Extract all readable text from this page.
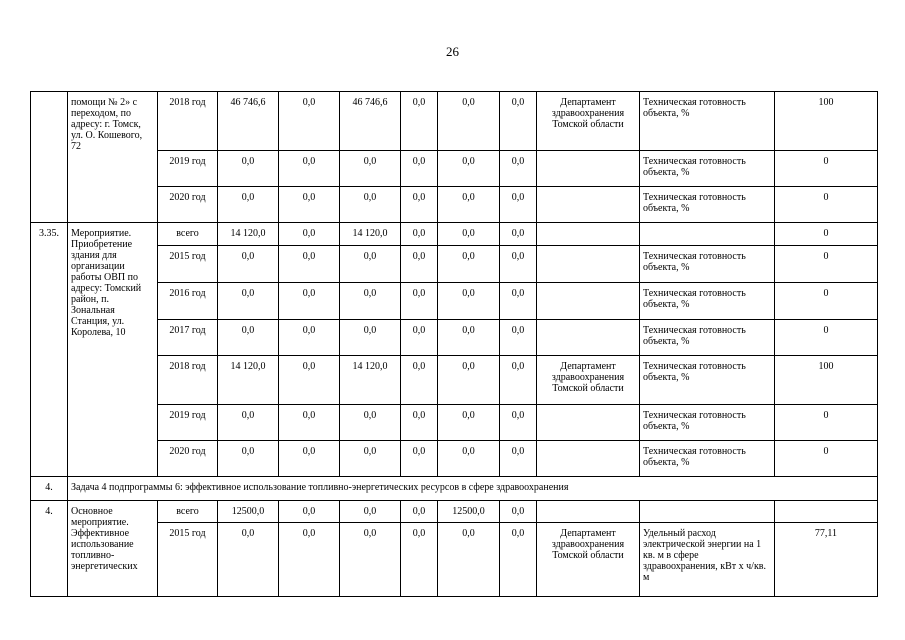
26
	помощи № 2» с переходом, по адресу: г. Томск, ул. О. Кошевого, 72	2018 год	46 746,6	0,0	46 746,6	0,0	0,0	0,0	Департамент здравоохранения Томской области	Техническая готовность объекта, %	100
		2019 год	0,0	0,0	0,0	0,0	0,0	0,0		Техническая готовность объекта, %	0
		2020 год	0,0	0,0	0,0	0,0	0,0	0,0		Техническая готовность объекта, %	0
3.35.	Мероприятие. Приобретение здания для организации работы ОВП по адресу: Томский район, п. Зональная Станция, ул. Королева, 10	всего	14 120,0	0,0	14 120,0	0,0	0,0	0,0			0
		2015 год	0,0	0,0	0,0	0,0	0,0	0,0		Техническая готовность объекта, %	0
		2016 год	0,0	0,0	0,0	0,0	0,0	0,0		Техническая готовность объекта, %	0
		2017 год	0,0	0,0	0,0	0,0	0,0	0,0		Техническая готовность объекта, %	0
		2018 год	14 120,0	0,0	14 120,0	0,0	0,0	0,0	Департамент здравоохранения Томской области	Техническая готовность объекта, %	100
		2019 год	0,0	0,0	0,0	0,0	0,0	0,0		Техническая готовность объекта, %	0
		2020 год	0,0	0,0	0,0	0,0	0,0	0,0		Техническая готовность объекта, %	0
4.	Задача 4 подпрограммы 6: эффективное использование топливно-энергетических ресурсов в сфере здравоохранения										
4.	Основное мероприятие. Эффективное использование топливно-энергетических	всего	12500,0	0,0	0,0	0,0	12500,0	0,0			
		2015 год	0,0	0,0	0,0	0,0	0,0	0,0	Департамент здравоохранения Томской области	Удельный расход электрической энергии на 1 кв. м в сфере здравоохранения, кВт х ч/кв. м	77,11
